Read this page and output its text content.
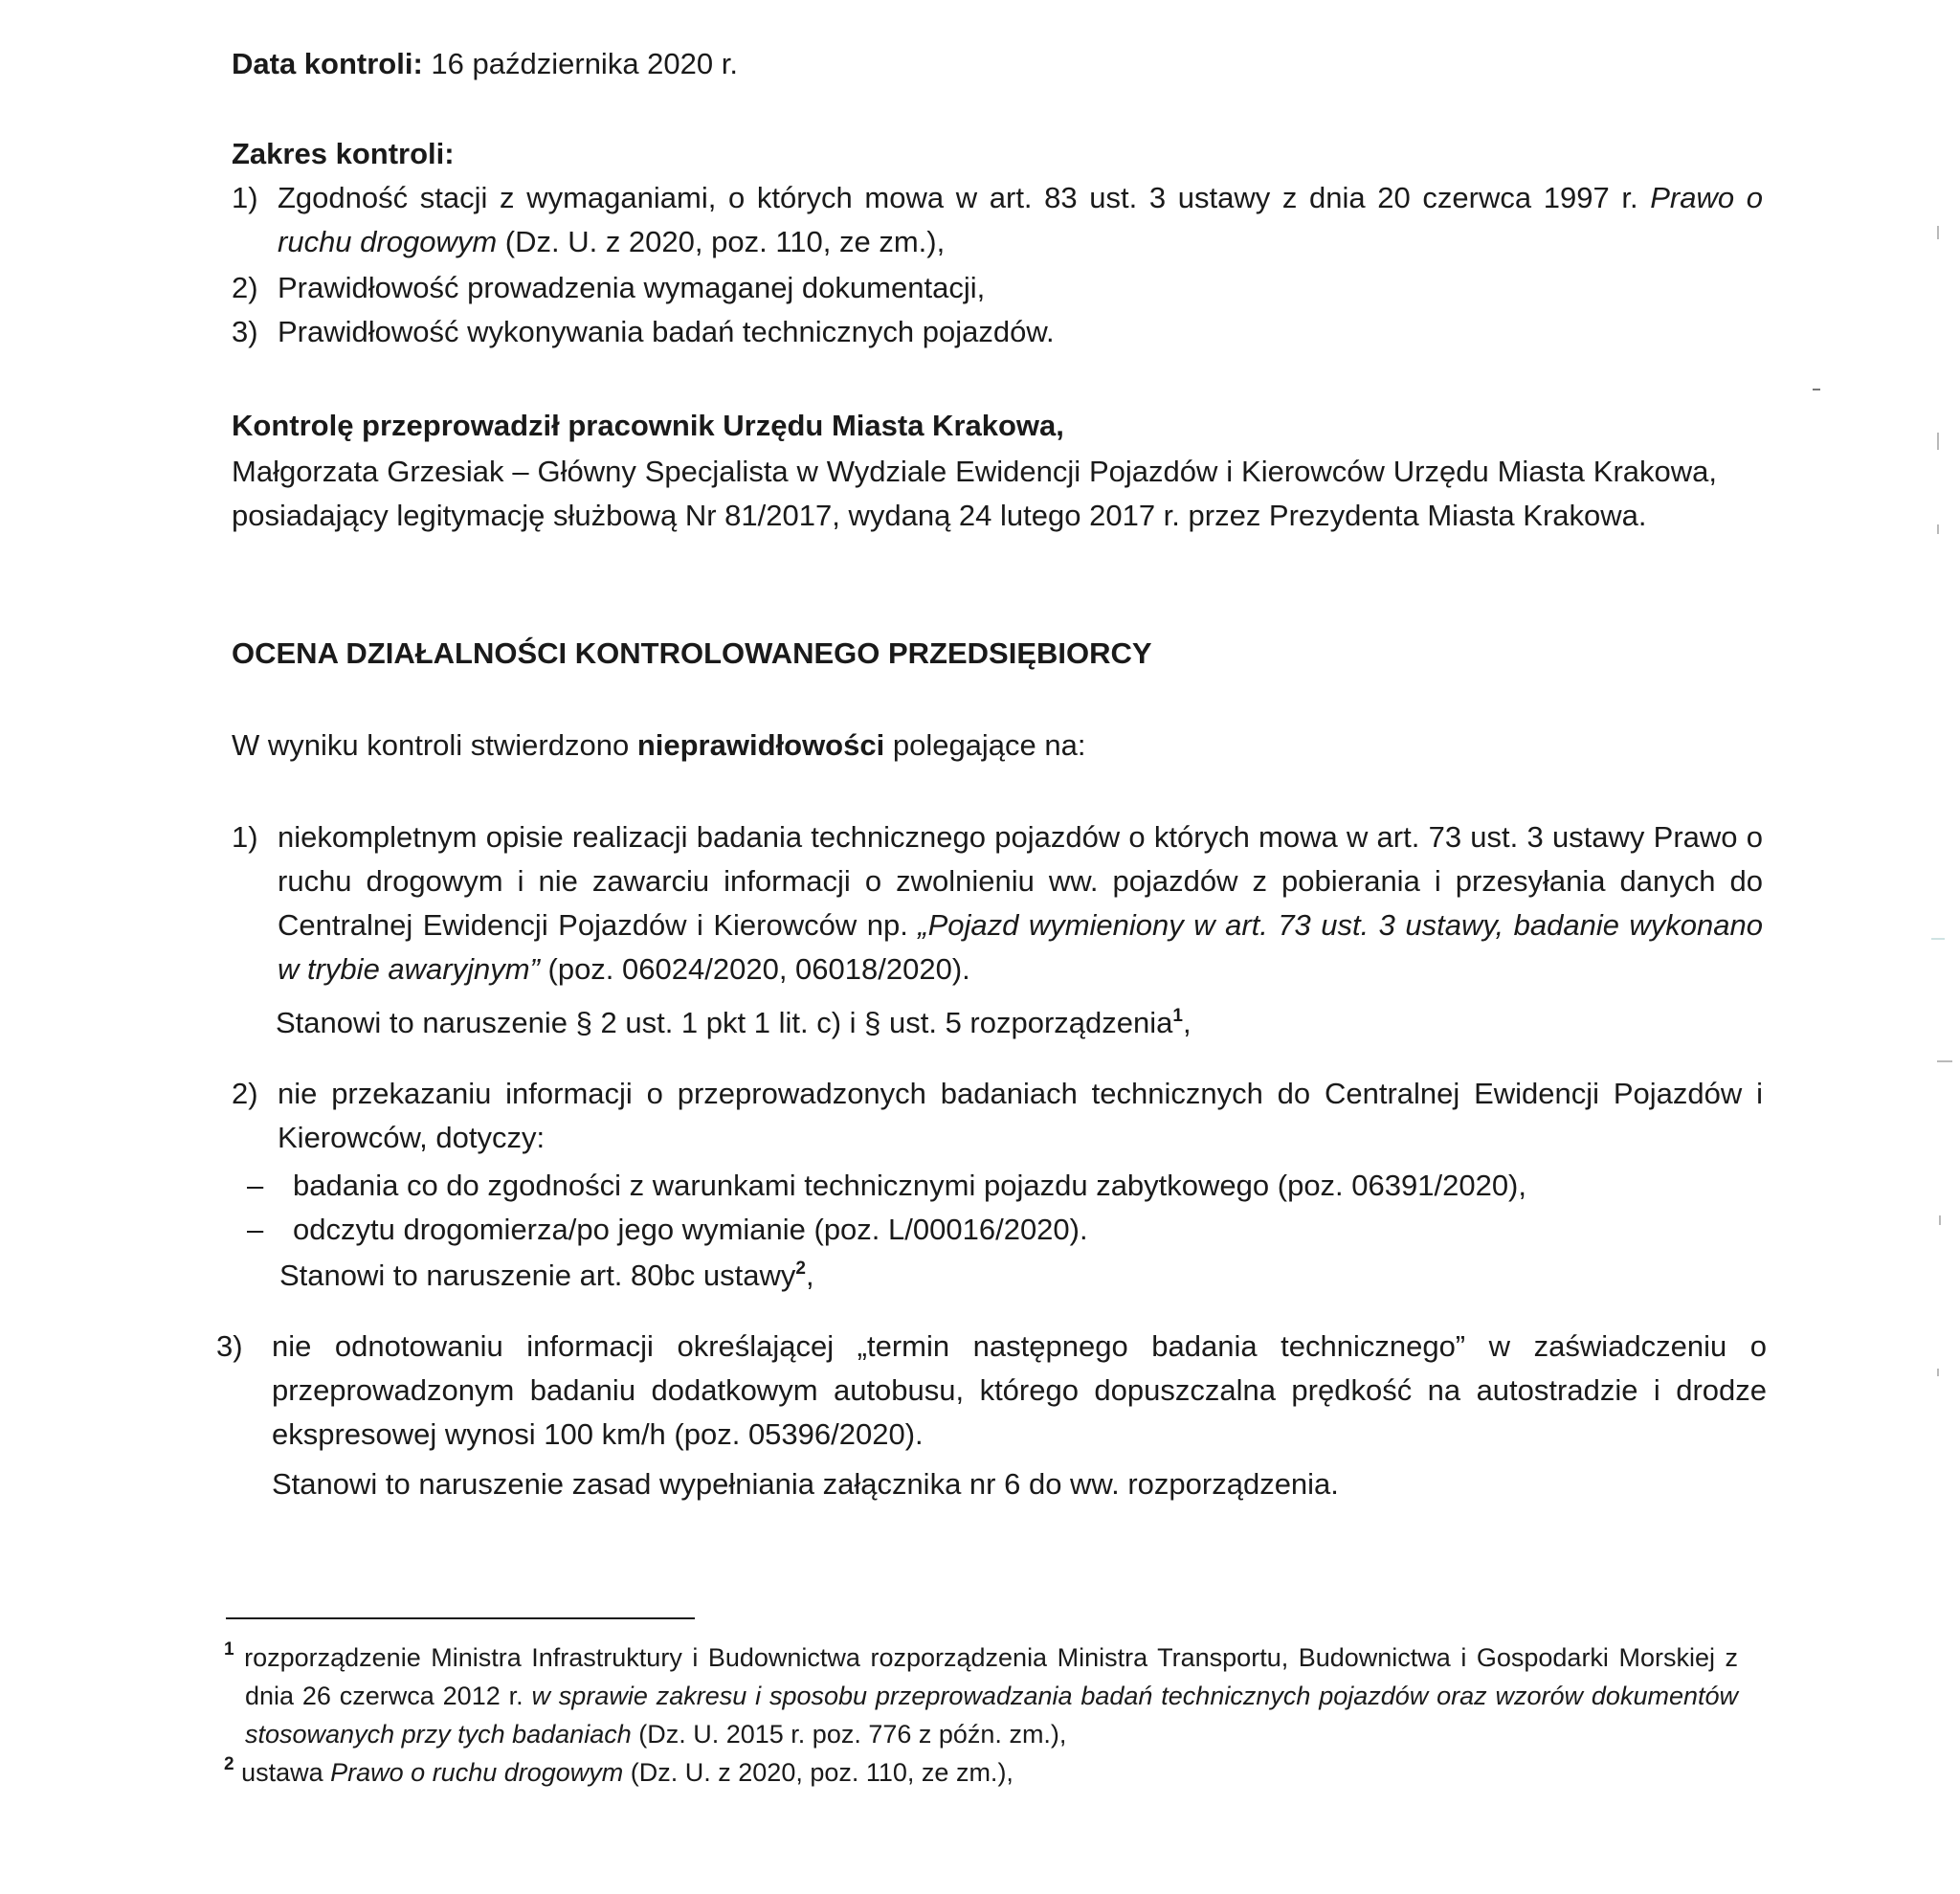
Data kontroli: 16 października 2020 r.
Zakres kontroli:
1) Zgodność stacji z wymaganiami, o których mowa w art. 83 ust. 3 ustawy z dnia 20 czerwca 1997 r. Prawo o ruchu drogowym (Dz. U. z 2020, poz. 110, ze zm.),
2) Prawidłowość prowadzenia wymaganej dokumentacji,
3) Prawidłowość wykonywania badań technicznych pojazdów.
Kontrolę przeprowadził pracownik Urzędu Miasta Krakowa,
Małgorzata Grzesiak – Główny Specjalista w Wydziale Ewidencji Pojazdów i Kierowców Urzędu Miasta Krakowa, posiadający legitymację służbową Nr 81/2017, wydaną 24 lutego 2017 r. przez Prezydenta Miasta Krakowa.
OCENA DZIAŁALNOŚCI KONTROLOWANEGO PRZEDSIĘBIORCY
W wyniku kontroli stwierdzono nieprawidłowości polegające na:
1) niekompletnym opisie realizacji badania technicznego pojazdów o których mowa w art. 73 ust. 3 ustawy Prawo o ruchu drogowym i nie zawarciu informacji o zwolnieniu ww. pojazdów z pobierania i przesyłania danych do Centralnej Ewidencji Pojazdów i Kierowców np. „Pojazd wymieniony w art. 73 ust. 3 ustawy, badanie wykonano w trybie awaryjnym” (poz. 06024/2020, 06018/2020).
Stanowi to naruszenie § 2 ust. 1 pkt 1 lit. c) i § ust. 5 rozporządzenia$^1$,
2) nie przekazaniu informacji o przeprowadzonych badaniach technicznych do Centralnej Ewidencji Pojazdów i Kierowców, dotyczy:
– badania co do zgodności z warunkami technicznymi pojazdu zabytkowego (poz. 06391/2020),
– odczytu drogomierza/po jego wymianie (poz. L/00016/2020).
Stanowi to naruszenie art. 80bc ustawy$^2$,
3) nie odnotowaniu informacji określającej „termin następnego badania technicznego” w zaświadczeniu o przeprowadzonym badaniu dodatkowym autobusu, którego dopuszczalna prędkość na autostradzie i drodze ekspresowej wynosi 100 km/h (poz. 05396/2020).
Stanowi to naruszenie zasad wypełniania załącznika nr 6 do ww. rozporządzenia.
$^1$ rozporządzenie Ministra Infrastruktury i Budownictwa rozporządzenia Ministra Transportu, Budownictwa i Gospodarki Morskiej z dnia 26 czerwca 2012 r. w sprawie zakresu i sposobu przeprowadzania badań technicznych pojazdów oraz wzorów dokumentów stosowanych przy tych badaniach (Dz. U. 2015 r. poz. 776 z późn. zm.),
$^2$ ustawa Prawo o ruchu drogowym (Dz. U. z 2020, poz. 110, ze zm.),
